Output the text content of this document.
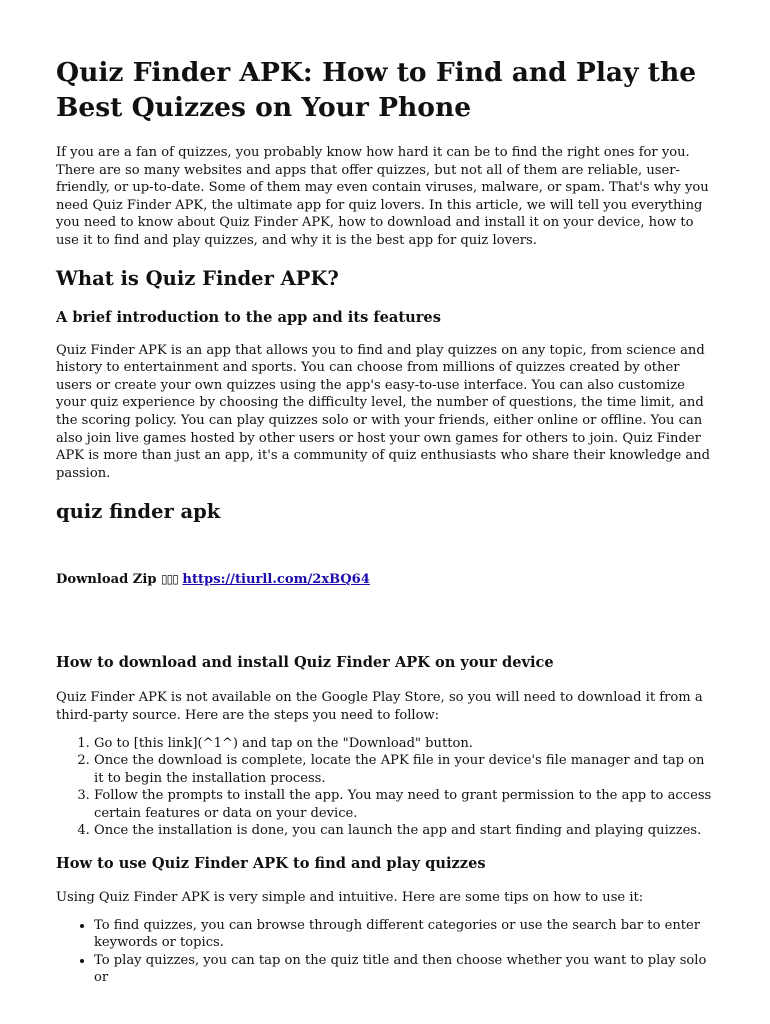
Quiz Finder APK: How to Find and Play the Best Quizzes on Your Phone

If you are a fan of quizzes, you probably know how hard it can be to find the right ones for you. There are so many websites and apps that offer quizzes, but not all of them are reliable, user-friendly, or up-to-date. Some of them may even contain viruses, malware, or spam. That's why you need Quiz Finder APK, the ultimate app for quiz lovers. In this article, we will tell you everything you need to know about Quiz Finder APK, how to download and install it on your device, how to use it to find and play quizzes, and why it is the best app for quiz lovers.

What is Quiz Finder APK?
A brief introduction to the app and its features

Quiz Finder APK is an app that allows you to find and play quizzes on any topic, from science and history to entertainment and sports. You can choose from millions of quizzes created by other users or create your own quizzes using the app's easy-to-use interface. You can also customize your quiz experience by choosing the difficulty level, the number of questions, the time limit, and the scoring policy. You can play quizzes solo or with your friends, either online or offline. You can also join live games hosted by other users or host your own games for others to join. Quiz Finder APK is more than just an app, it's a community of quiz enthusiasts who share their knowledge and passion.

quiz finder apk
Download Zip ▯▯▯ https://tiurll.com/2xBQ64
How to download and install Quiz Finder APK on your device

Quiz Finder APK is not available on the Google Play Store, so you will need to download it from a third-party source. Here are the steps you need to follow:

1. Go to [this link](^1^) and tap on the "Download" button.
2. Once the download is complete, locate the APK file in your device's file manager and tap on it to begin the installation process.
3. Follow the prompts to install the app. You may need to grant permission to the app to access certain features or data on your device.
4. Once the installation is done, you can launch the app and start finding and playing quizzes.
How to use Quiz Finder APK to find and play quizzes

Using Quiz Finder APK is very simple and intuitive. Here are some tips on how to use it:

• To find quizzes, you can browse through different categories or use the search bar to enter keywords or topics.
• To play quizzes, you can tap on the quiz title and then choose whether you want to play solo or
